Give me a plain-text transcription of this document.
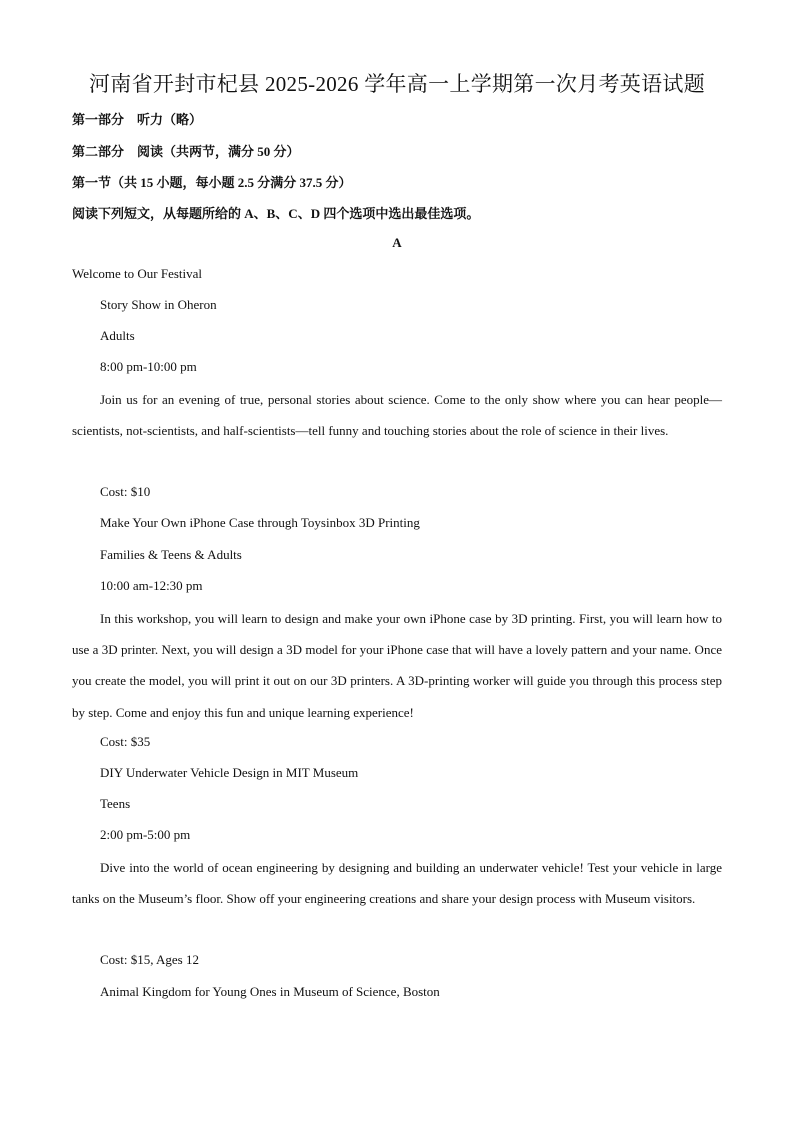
河南省开封市杞县 2025-2026 学年高一上学期第一次月考英语试题
第一部分　听力（略）
第二部分　阅读（共两节，满分 50 分）
第一节（共 15 小题，每小题 2.5 分满分 37.5 分）
阅读下列短文，从每题所给的 A、B、C、D 四个选项中选出最佳选项。
A
Welcome to Our Festival
Story Show in Oheron
Adults
8:00 pm-10:00 pm

Join us for an evening of true, personal stories about science. Come to the only show where you can hear people—scientists, not-scientists, and half-scientists—tell funny and touching stories about the role of science in their lives.

Cost: $10
Make Your Own iPhone Case through Toysinbox 3D Printing
Families & Teens & Adults
10:00 am-12:30 pm

In this workshop, you will learn to design and make your own iPhone case by 3D printing. First, you will learn how to use a 3D printer. Next, you will design a 3D model for your iPhone case that will have a lovely pattern and your name. Once you create the model, you will print it out on our 3D printers. A 3D-printing worker will guide you through this process step by step. Come and enjoy this fun and unique learning experience!

Cost: $35
DIY Underwater Vehicle Design in MIT Museum
Teens
2:00 pm-5:00 pm

Dive into the world of ocean engineering by designing and building an underwater vehicle! Test your vehicle in large tanks on the Museum’s floor. Show off your engineering creations and share your design process with Museum visitors.

Cost: $15, Ages 12
Animal Kingdom for Young Ones in Museum of Science, Boston
